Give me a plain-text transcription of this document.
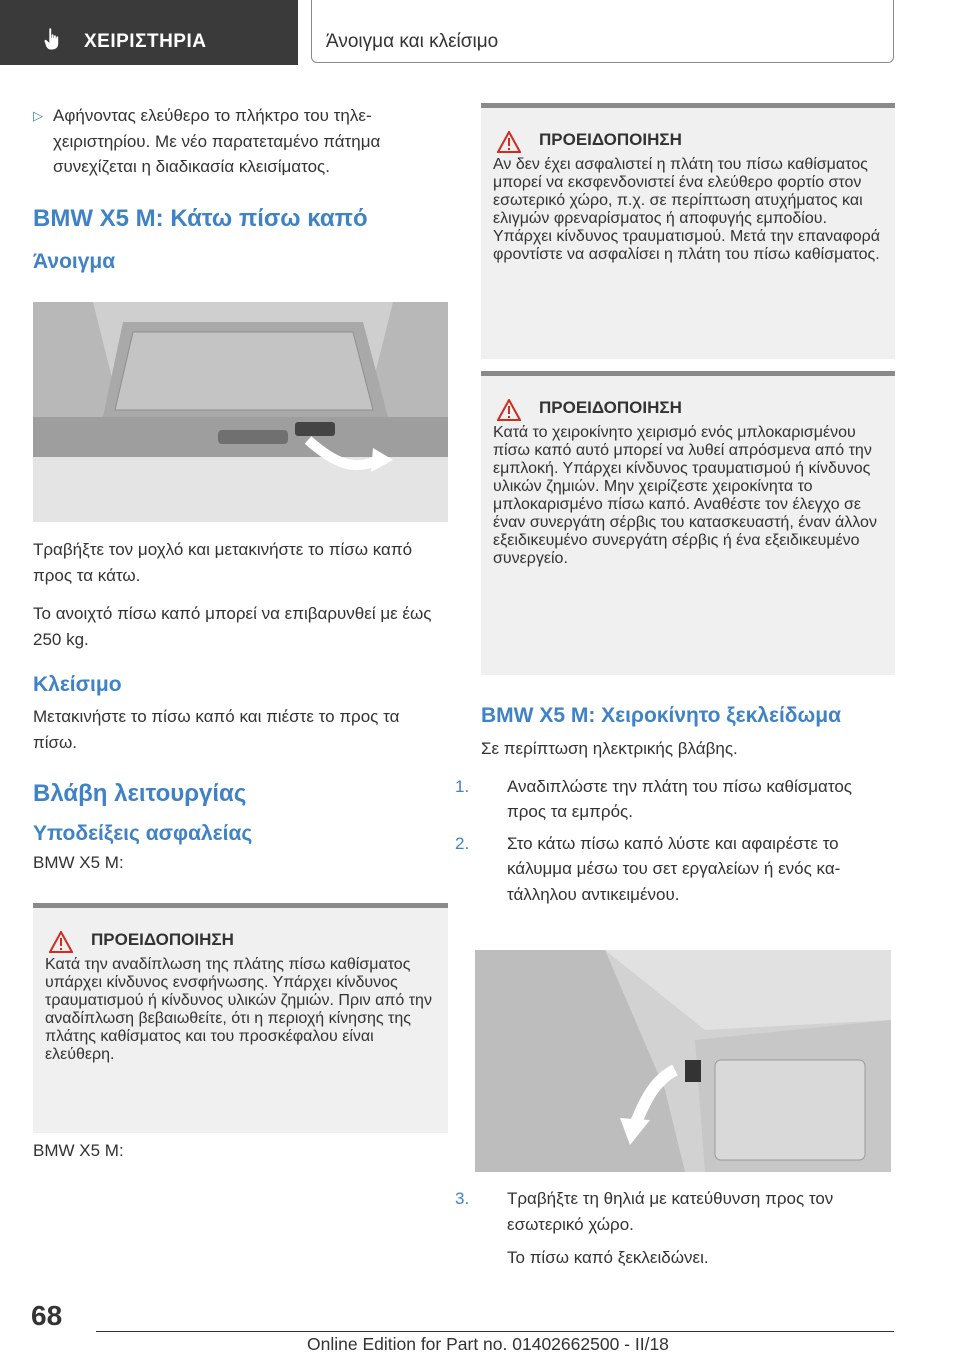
ΧΕΙΡΙΣΤΗΡΙΑ	Άνοιγμα και κλείσιμο

▷ Αφήνοντας ελεύθερο το πλήκτρο του τηλεχειριστηρίου. Με νέο παρατεταμένο πάτημα συνεχίζεται η διαδικασία κλεισίματος.

BMW X5 M: Κάτω πίσω καπό

Άνοιγμα

Τραβήξτε τον μοχλό και μετακινήστε το πίσω καπό προς τα κάτω.

Το ανοιχτό πίσω καπό μπορεί να επιβαρυνθεί με έως 250 kg.

Κλείσιμο

Μετακινήστε το πίσω καπό και πιέστε το προς τα πίσω.

Βλάβη λειτουργίας

Υποδείξεις ασφαλείας

BMW X5 M:

ΠΡΟΕΙΔΟΠΟΙΗΣΗ

Κατά την αναδίπλωση της πλάτης πίσω καθίσματος υπάρχει κίνδυνος ενσφήνωσης. Υπάρχει κίνδυνος τραυματισμού ή κίνδυνος υλικών ζημιών. Πριν από την αναδίπλωση βεβαιωθείτε, ότι η περιοχή κίνησης της πλάτης καθίσματος και του προσκέφαλου είναι ελεύθερη.

BMW X5 M:

ΠΡΟΕΙΔΟΠΟΙΗΣΗ

Αν δεν έχει ασφαλιστεί η πλάτη του πίσω καθίσματος μπορεί να εκσφενδονιστεί ένα ελεύθερο φορτίο στον εσωτερικό χώρο, π.χ. σε περίπτωση ατυχήματος και ελιγμών φρεναρίσματος ή αποφυγής εμποδίου. Υπάρχει κίνδυνος τραυματισμού. Μετά την επαναφορά φροντίστε να ασφαλίσει η πλάτη του πίσω καθίσματος.

ΠΡΟΕΙΔΟΠΟΙΗΣΗ

Κατά το χειροκίνητο χειρισμό ενός μπλοκαρισμένου πίσω καπό αυτό μπορεί να λυθεί απρόσμενα από την εμπλοκή. Υπάρχει κίνδυνος τραυματισμού ή κίνδυνος υλικών ζημιών. Μην χειρίζεστε χειροκίνητα το μπλοκαρισμένο πίσω καπό. Αναθέστε τον έλεγχο σε έναν συνεργάτη σέρβις του κατασκευαστή, έναν άλλον εξειδικευμένο συνεργάτη σέρβις ή ένα εξειδικευμένο συνεργείο.

BMW X5 M: Χειροκίνητο ξεκλείδωμα

Σε περίπτωση ηλεκτρικής βλάβης.

1. Αναδιπλώστε την πλάτη του πίσω καθίσματος προς τα εμπρός.

2. Στο κάτω πίσω καπό λύστε και αφαιρέστε το κάλυμμα μέσω του σετ εργαλείων ή ενός κατάλληλου αντικειμένου.

3. Τραβήξτε τη θηλιά με κατεύθυνση προς τον εσωτερικό χώρο.

Το πίσω καπό ξεκλειδώνει.

68
Online Edition for Part no. 01402662500 - II/18
